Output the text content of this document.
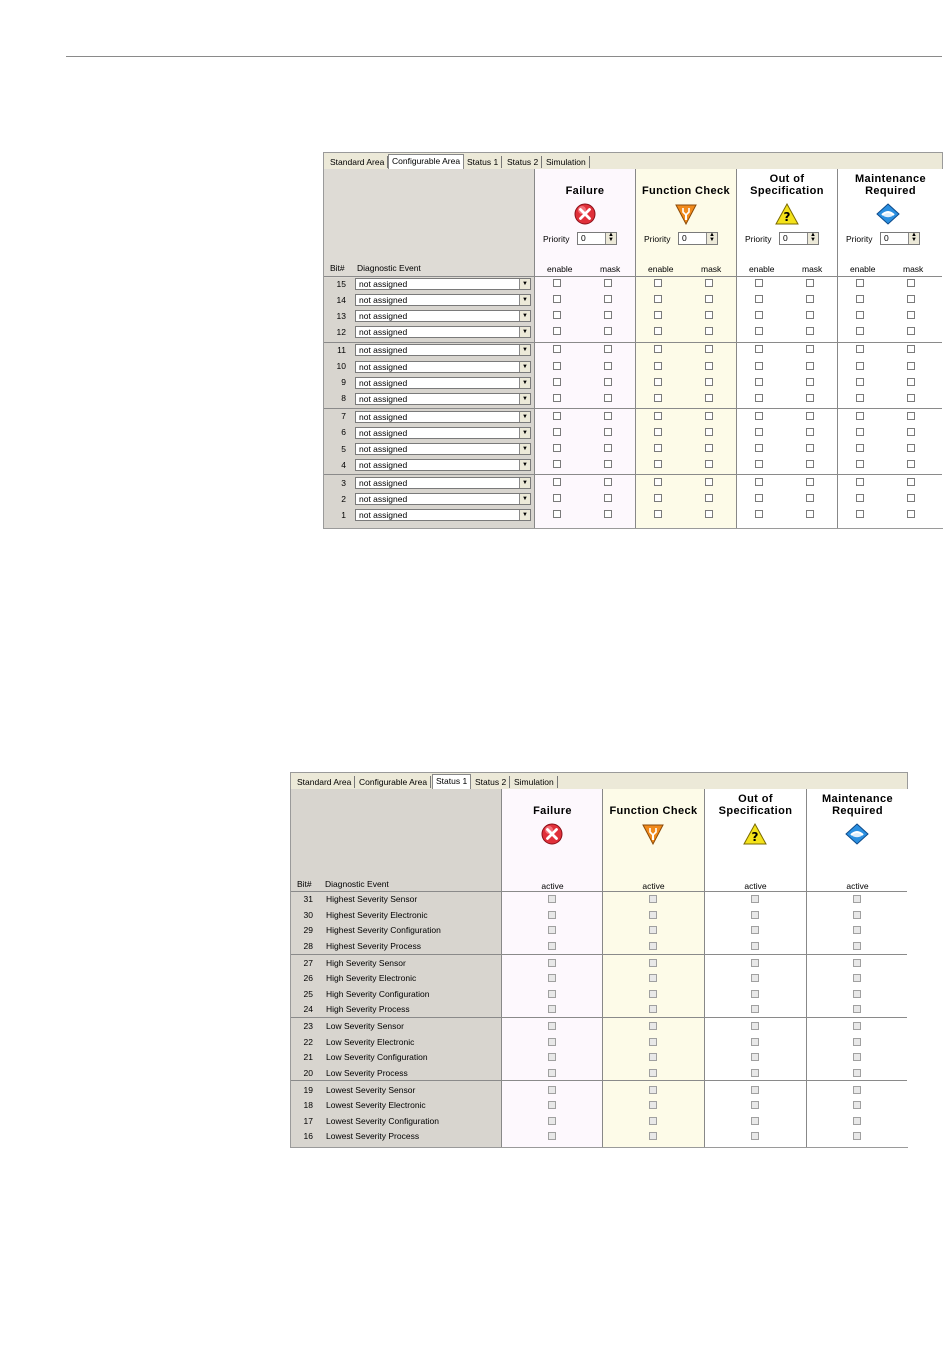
Standard Area Configurable Area Status 1	Status 2 Simulation
Bit# Diagnostic Event
Failure
Priority	0	▲
▼
enable	mask
Function Check
Priority	0	▲
▼
enable	mask
Out of
Specification
?
Priority	0	▲
▼
enable	mask
Maintenance
Required
Priority	0	▲
▼
enable	mask
15	not assigned	▼
14	not assigned	▼
13	not assigned	▼
12	not assigned	▼
11	not assigned	▼
10	not assigned	▼
9	not assigned	▼
8	not assigned	▼
7	not assigned	▼
6	not assigned	▼
5	not assigned	▼
4	not assigned	▼
3	not assigned	▼
2	not assigned	▼
1	not assigned	▼
Standard Area Configurable Area	Status 1 Status 2 Simulation
Bit# Diagnostic Event
Failure
active
Function Check
active
Out of
Specification
?
active
Maintenance
Required
active
31 Highest Severity Sensor
30 Highest Severity Electronic
29 Highest Severity Configuration
28 Highest Severity Process
27 High Severity Sensor
26 High Severity Electronic
25 High Severity Configuration
24 High Severity Process
23 Low Severity Sensor
22 Low Severity Electronic
21 Low Severity Configuration
20 Low Severity Process
19 Lowest Severity Sensor
18 Lowest Severity Electronic
17 Lowest Severity Configuration
16 Lowest Severity Process
